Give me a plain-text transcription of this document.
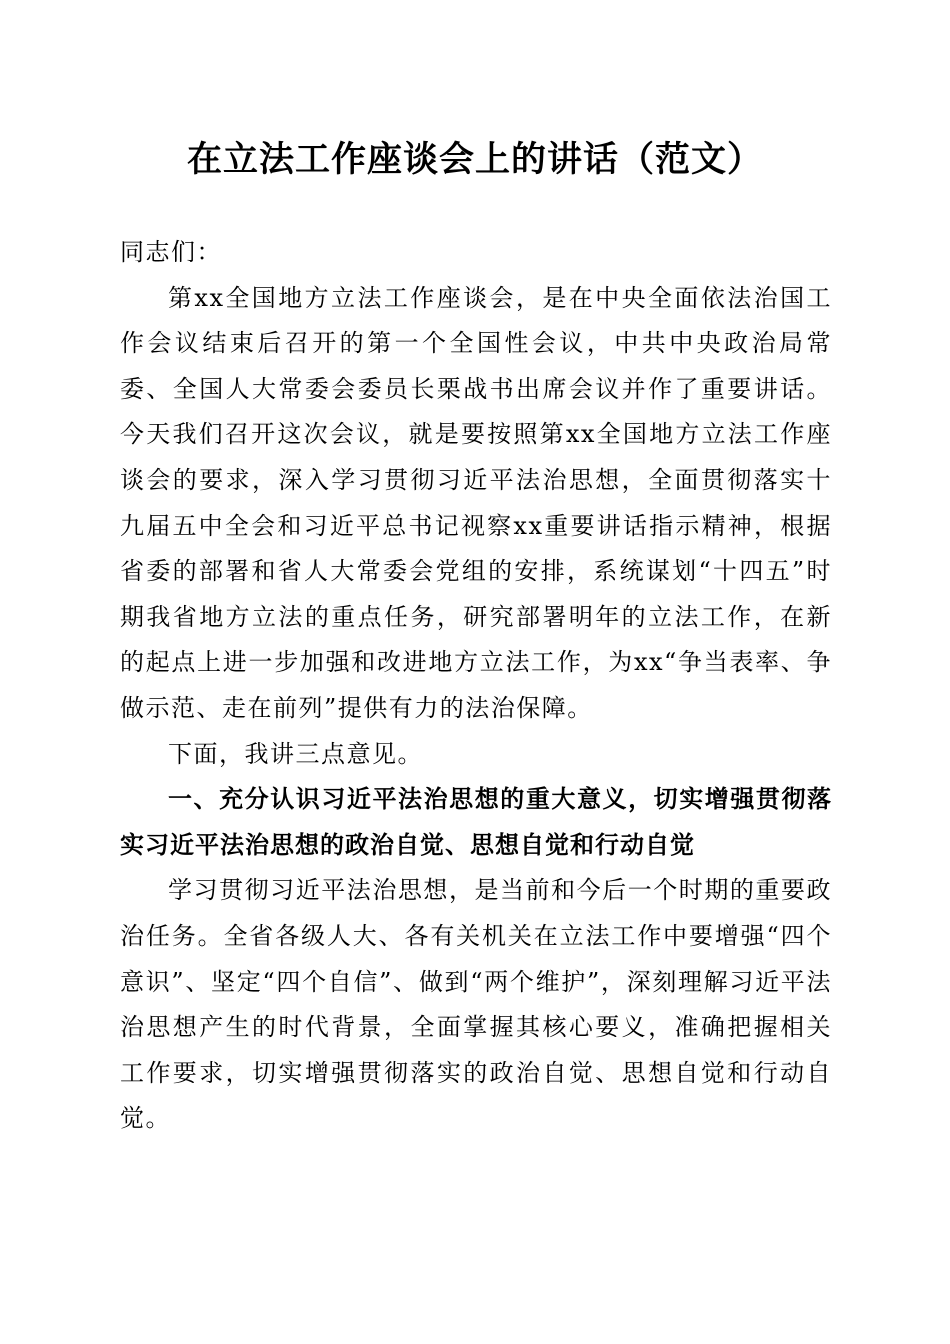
在立法工作座谈会上的讲话（范文）

同志们：

第xx全国地方立法工作座谈会，是在中央全面依法治国工作会议结束后召开的第一个全国性会议，中共中央政治局常委、全国人大常委会委员长栗战书出席会议并作了重要讲话。今天我们召开这次会议，就是要按照第xx全国地方立法工作座谈会的要求，深入学习贯彻习近平法治思想，全面贯彻落实十九届五中全会和习近平总书记视察xx重要讲话指示精神，根据省委的部署和省人大常委会党组的安排，系统谋划“十四五”时期我省地方立法的重点任务，研究部署明年的立法工作，在新的起点上进一步加强和改进地方立法工作，为xx“争当表率、争做示范、走在前列”提供有力的法治保障。

下面，我讲三点意见。

一、充分认识习近平法治思想的重大意义，切实增强贯彻落实习近平法治思想的政治自觉、思想自觉和行动自觉

学习贯彻习近平法治思想，是当前和今后一个时期的重要政治任务。全省各级人大、各有关机关在立法工作中要增强“四个意识”、坚定“四个自信”、做到“两个维护”，深刻理解习近平法治思想产生的时代背景，全面掌握其核心要义，准确把握相关工作要求，切实增强贯彻落实的政治自觉、思想自觉和行动自觉。
